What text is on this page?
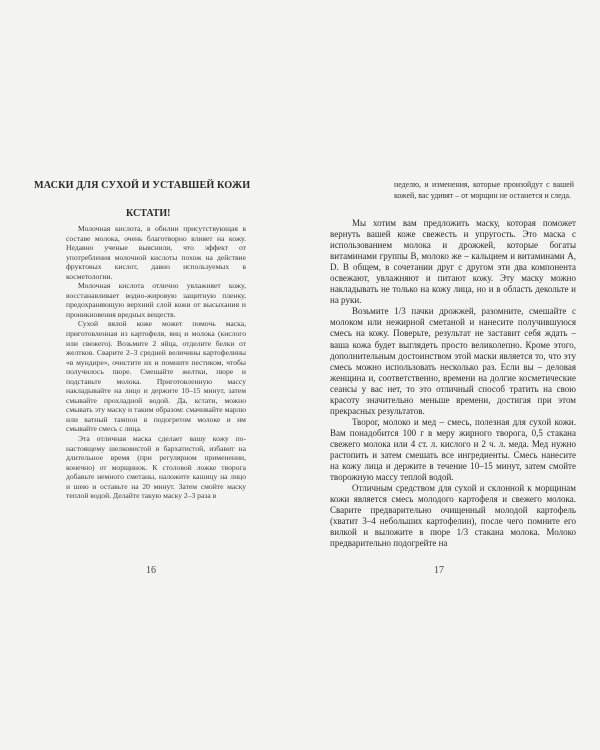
МАСКИ ДЛЯ СУХОЙ И УСТАВШЕЙ КОЖИ
КСТАТИ!

Молочная кислота, в обилии присутствующая в составе молока, очень благотворно влияет на кожу. Недавно ученые выяснили, что эффект от употребления молочной кислоты похож на действие фруктовых кислот, давно используемых в косметологии.

Молочная кислота отлично увлажняет кожу, восстанавливает водно-жировую защитную пленку, предохраняющую верхний слой кожи от высыхания и проникновения вредных веществ.

Сухой вялой коже может помочь маска, приготовленная из картофеля, яиц и молока (кислого или свежего). Возьмите 2 яйца, отделите белки от желтков. Сварите 2–3 средней величины картофелины «в мундире», очистите их и помните пестиком, чтобы получилось пюре. Смешайте желтки, пюре и подставьте молока. Приготовленную массу накладывайте на лицо и держите 10–15 минут, затем смывайте прохладной водой. Да, кстати, можно смывать эту маску и таким образом: смачивайте марлю или ватный тампон в подогретом молоке и им смывайте смесь с лица.

Эта отличная маска сделает вашу кожу по-настоящему шелковистой и бархатистой, избавит на длительное время (при регулярном применении, конечно) от морщинок. К столовой ложке творога добавьте немного сметаны, наложите кашицу на лицо и шею и оставьте на 20 минут. Затем смойте маску теплой водой. Делайте такую маску 2–3 раза в

16

неделю, и изменения, которые произойдут с вашей кожей, вас удивят – от морщин не останется и следа.

Мы хотим вам предложить маску, которая поможет вернуть вашей коже свежесть и упругость. Это маска с использованием молока и дрожжей, которые богаты витаминами группы B, молоко же – кальцием и витаминами A, D. В общем, в сочетании друг с другом эти два компонента освежают, увлажняют и питают кожу. Эту маску можно накладывать не только на кожу лица, но и в область декольте и на руки.

Возьмите 1/3 пачки дрожжей, разомните, смешайте с молоком или нежирной сметаной и нанесите получившуюся смесь на кожу. Поверьте, результат не заставит себя ждать – ваша кожа будет выглядеть просто великолепно. Кроме этого, дополнительным достоинством этой маски является то, что эту смесь можно использовать несколько раз. Если вы – деловая женщина и, соответственно, времени на долгие косметические сеансы у вас нет, то это отличный способ тратить на свою красоту значительно меньше времени, достигая при этом прекрасных результатов.

Творог, молоко и мед – смесь, полезная для сухой кожи. Вам понадобится 100 г в меру жирного творога, 0,5 стакана свежего молока или 4 ст. л. кислого и 2 ч. л. меда. Мед нужно растопить и затем смешать все ингредиенты. Смесь нанесите на кожу лица и держите в течение 10–15 минут, затем смойте творожную массу теплой водой.

Отличным средством для сухой и склонной к морщинам кожи является смесь молодого картофеля и свежего молока. Сварите предварительно очищенный молодой картофель (хватит 3–4 небольших картофелин), после чего помните его вилкой и выложите в пюре 1/3 стакана молока. Молоко предварительно подогрейте на

17
